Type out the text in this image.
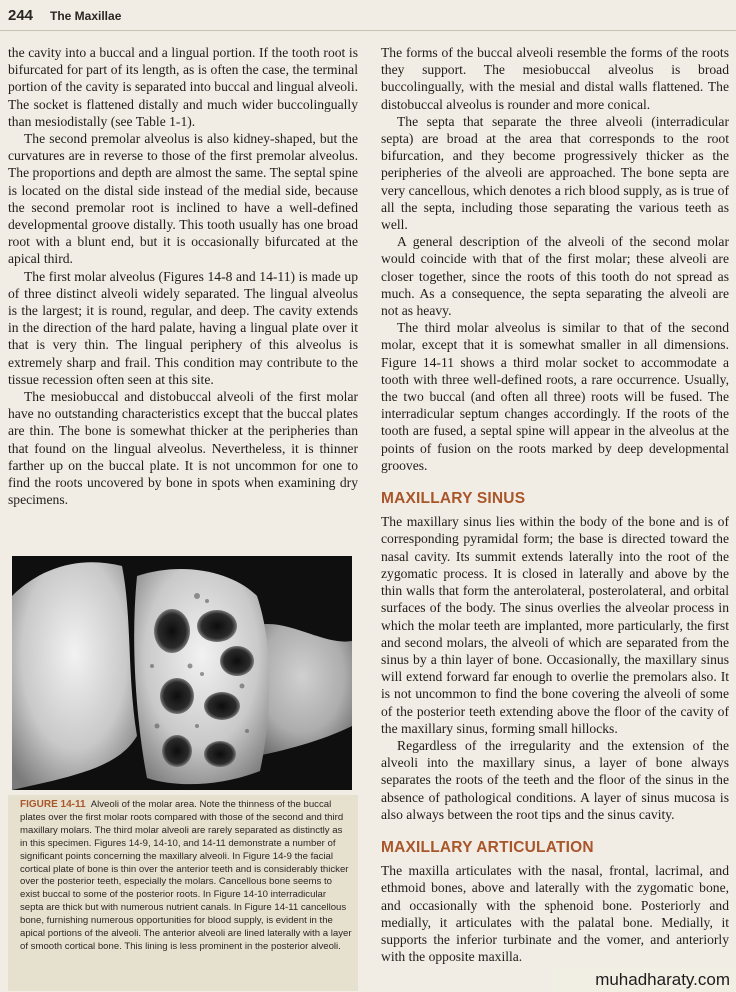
244 The Maxillae

the cavity into a buccal and a lingual portion. If the tooth root is bifurcated for part of its length, as is often the case, the terminal portion of the cavity is separated into buccal and lingual alveoli. The socket is flattened distally and much wider buccolingually than mesiodistally (see Table 1-1).

The second premolar alveolus is also kidney-shaped, but the curvatures are in reverse to those of the first premolar alveolus. The proportions and depth are almost the same. The septal spine is located on the distal side instead of the medial side, because the second premolar root is inclined to have a well-defined developmental groove distally. This tooth usually has one broad root with a blunt end, but it is occasionally bifurcated at the apical third.

The first molar alveolus (Figures 14-8 and 14-11) is made up of three distinct alveoli widely separated. The lingual alveolus is the largest; it is round, regular, and deep. The cavity extends in the direction of the hard palate, having a lingual plate over it that is very thin. The lingual periphery of this alveolus is extremely sharp and frail. This condition may contribute to the tissue recession often seen at this site.

The mesiobuccal and distobuccal alveoli of the first molar have no outstanding characteristics except that the buccal plates are thin. The bone is somewhat thicker at the peripheries than that found on the lingual alveolus. Nevertheless, it is thinner farther up on the buccal plate. It is not uncommon for one to find the roots uncovered by bone in spots when examining dry specimens.

FIGURE 14-11 Alveoli of the molar area. Note the thinness of the buccal plates over the first molar roots compared with those of the second and third maxillary molars. The third molar alveoli are rarely separated as distinctly as in this specimen. Figures 14-9, 14-10, and 14-11 demonstrate a number of significant points concerning the maxillary alveoli. In Figure 14-9 the facial cortical plate of bone is thin over the anterior teeth and is considerably thicker over the posterior teeth, especially the molars. Cancellous bone seems to exist buccal to some of the posterior roots. In Figure 14-10 interradicular septa are thick but with numerous nutrient canals. In Figure 14-11 cancellous bone, furnishing numerous opportunities for blood supply, is evident in the apical portions of the alveoli. The anterior alveoli are lined laterally with a layer of smooth cortical bone. This lining is less prominent in the posterior alveoli.

The forms of the buccal alveoli resemble the forms of the roots they support. The mesiobuccal alveolus is broad buccolingually, with the mesial and distal walls flattened. The distobuccal alveolus is rounder and more conical.

The septa that separate the three alveoli (interradicular septa) are broad at the area that corresponds to the root bifurcation, and they become progressively thicker as the peripheries of the alveoli are approached. The bone septa are very cancellous, which denotes a rich blood supply, as is true of all the septa, including those separating the various teeth as well.

A general description of the alveoli of the second molar would coincide with that of the first molar; these alveoli are closer together, since the roots of this tooth do not spread as much. As a consequence, the septa separating the alveoli are not as heavy.

The third molar alveolus is similar to that of the second molar, except that it is somewhat smaller in all dimensions. Figure 14-11 shows a third molar socket to accommodate a tooth with three well-defined roots, a rare occurrence. Usually, the two buccal (and often all three) roots will be fused. The interradicular septum changes accordingly. If the roots of the tooth are fused, a septal spine will appear in the alveolus at the points of fusion on the roots marked by deep developmental grooves.

MAXILLARY SINUS

The maxillary sinus lies within the body of the bone and is of corresponding pyramidal form; the base is directed toward the nasal cavity. Its summit extends laterally into the root of the zygomatic process. It is closed in laterally and above by the thin walls that form the anterolateral, posterolateral, and orbital surfaces of the body. The sinus overlies the alveolar process in which the molar teeth are implanted, more particularly, the first and second molars, the alveoli of which are separated from the sinus by a thin layer of bone. Occasionally, the maxillary sinus will extend forward far enough to overlie the premolars also. It is not uncommon to find the bone covering the alveoli of some of the posterior teeth extending above the floor of the cavity of the maxillary sinus, forming small hillocks.

Regardless of the irregularity and the extension of the alveoli into the maxillary sinus, a layer of bone always separates the roots of the teeth and the floor of the sinus in the absence of pathological conditions. A layer of sinus mucosa is also always between the root tips and the sinus cavity.

MAXILLARY ARTICULATION

The maxilla articulates with the nasal, frontal, lacrimal, and ethmoid bones, above and laterally with the zygomatic bone, and occasionally with the sphenoid bone. Posteriorly and medially, it articulates with the palatal bone. Medially, it supports the inferior turbinate and the vomer, and anteriorly with the opposite maxilla.

muhadharaty.com
